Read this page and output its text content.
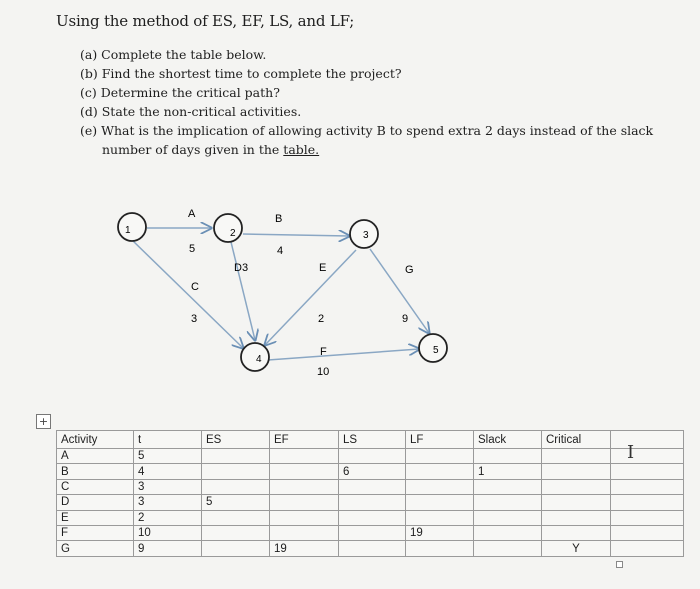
Using the method of ES, EF, LS, and LF;
(a) Complete the table below.
(b) Find the shortest time to complete the project?
(c) Determine the critical path?
(d) State the non-critical activities.
(e) What is the implication of allowing activity B to spend extra 2 days instead of the slack
number of days given in the table.
1	2	3
4
5
A
5
B
4
C
3
D3	E
2
F
10
G
9
+
Activity	t	ES	EF	LS	LF	Slack	Critical	
A	5							
B	4			6		1		
C	3							
D	3	5						
E	2							
F	10				19			
G	9		19				Y	
I
